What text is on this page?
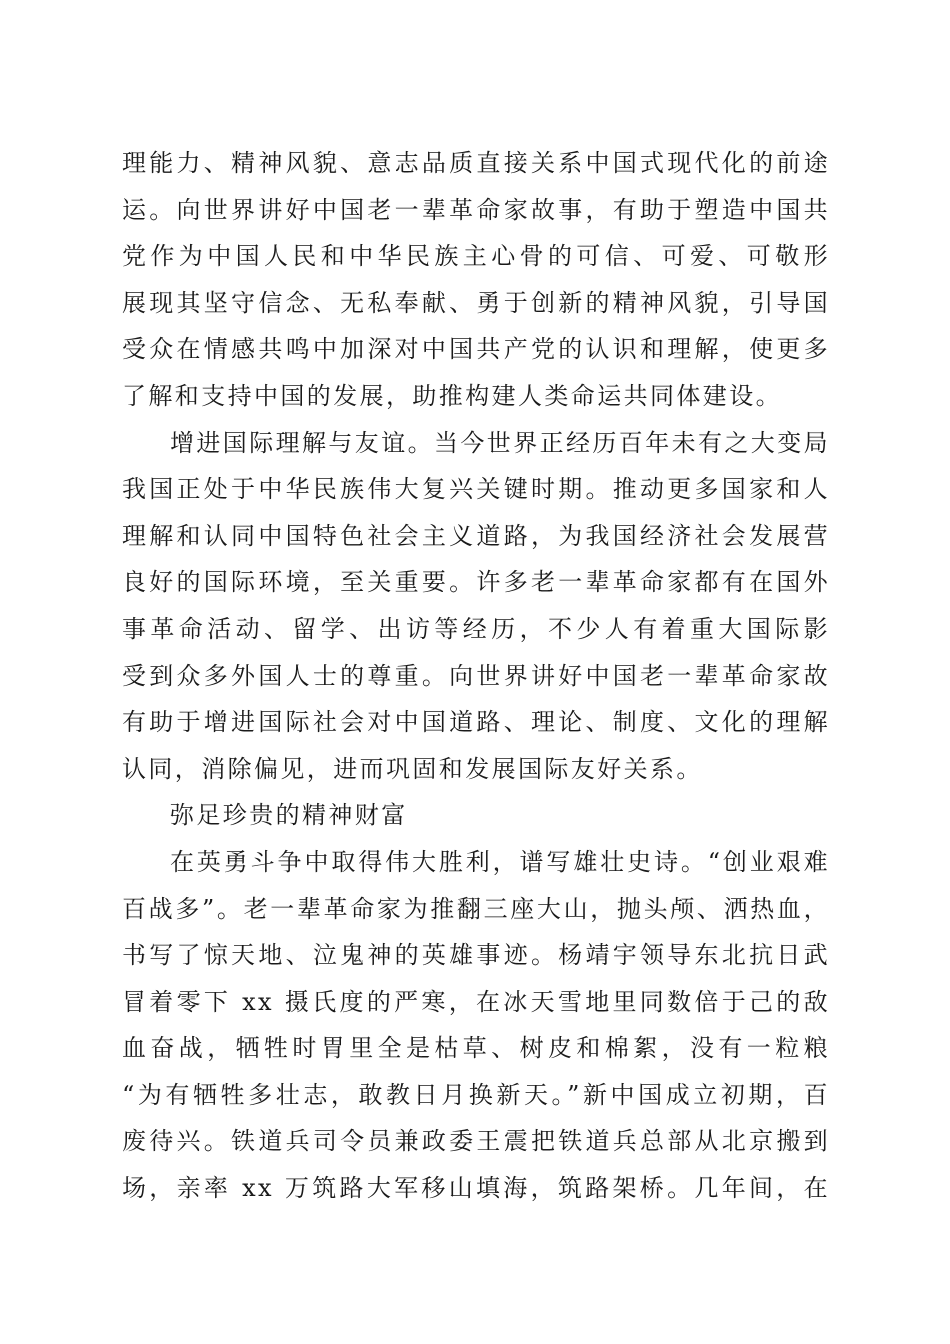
理能力、精神风貌、意志品质直接关系中国式现代化的前途
运。向世界讲好中国老一辈革命家故事，有助于塑造中国共
党作为中国人民和中华民族主心骨的可信、可爱、可敬形
展现其坚守信念、无私奉献、勇于创新的精神风貌，引导国
受众在情感共鸣中加深对中国共产党的认识和理解，使更多
了解和支持中国的发展，助推构建人类命运共同体建设。
增进国际理解与友谊。当今世界正经历百年未有之大变局
我国正处于中华民族伟大复兴关键时期。推动更多国家和人
理解和认同中国特色社会主义道路，为我国经济社会发展营
良好的国际环境，至关重要。许多老一辈革命家都有在国外
事革命活动、留学、出访等经历，不少人有着重大国际影
受到众多外国人士的尊重。向世界讲好中国老一辈革命家故
有助于增进国际社会对中国道路、理论、制度、文化的理解
认同，消除偏见，进而巩固和发展国际友好关系。
弥足珍贵的精神财富
在英勇斗争中取得伟大胜利，谱写雄壮史诗。“创业艰难
百战多”。老一辈革命家为推翻三座大山，抛头颅、洒热血，
书写了惊天地、泣鬼神的英雄事迹。杨靖宇领导东北抗日武
冒着零下 xx 摄氏度的严寒，在冰天雪地里同数倍于己的敌
血奋战，牺牲时胃里全是枯草、树皮和棉絮，没有一粒粮
“为有牺牲多壮志，敢教日月换新天。”新中国成立初期，百
废待兴。铁道兵司令员兼政委王震把铁道兵总部从北京搬到
场，亲率 xx 万筑路大军移山填海，筑路架桥。几年间，在
